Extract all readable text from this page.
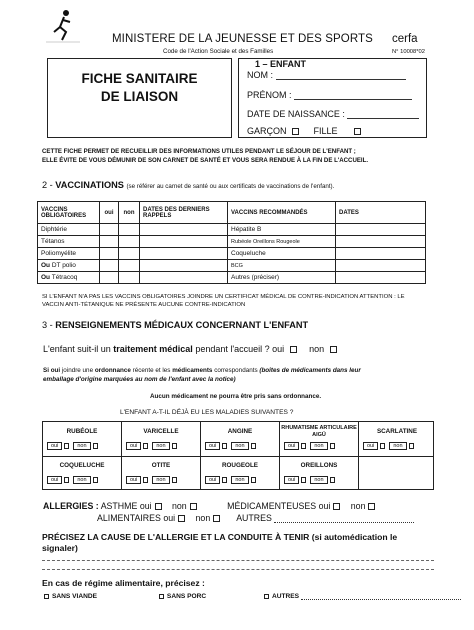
MINISTERE DE LA JEUNESSE ET DES SPORTS cerfa
Code de l'Action Sociale et des Familles	N° 10008*02
FICHE SANITAIRE
DE LIAISON
1 – ENFANT
NOM :
PRÉNOM :
DATE DE NAISSANCE :
GARÇON	FILLE
CETTE FICHE PERMET DE RECUEILLIR DES INFORMATIONS UTILES PENDANT LE SÉJOUR DE L'ENFANT ;
ELLE ÉVITE DE VOUS DÉMUNIR DE SON CARNET DE SANTÉ ET VOUS SERA RENDUE À LA FIN DE L'ACCUEIL.
2 - VACCINATIONS (se référer au carnet de santé ou aux certificats de vaccinations de l'enfant).
VACCINS OBLIGATOIRES	oui	non	DATES DES DERNIERS RAPPELS	VACCINS RECOMMANDÉS	DATES
Diphtérie				Hépatite B	
Tétanos				Rubéole Oreillons Rougeole	
Poliomyélite				Coqueluche	
Ou DT polio				BCG	
Ou Tétracoq				Autres (préciser)	
SI L'ENFANT N'A PAS LES VACCINS OBLIGATOIRES JOINDRE UN CERTIFICAT MÉDICAL DE CONTRE-INDICATION ATTENTION : LE
VACCIN ANTI-TÉTANIQUE NE PRÉSENTE AUCUNE CONTRE-INDICATION
3 - RENSEIGNEMENTS MÉDICAUX CONCERNANT L'ENFANT
L'enfant suit-il un traitement médical pendant l'accueil ? oui	non
Si oui joindre une ordonnance récente et les médicaments correspondants (boîtes de médicaments dans leur
emballage d'origine marquées au nom de l'enfant avec la notice)
Aucun médicament ne pourra être pris sans ordonnance.
L'ENFANT A-T-IL DÉJÀ EU LES MALADIES SUIVANTES ?
RUBÉOLE	VARICELLE	ANGINE	RHUMATISME ARTICULAIRE AIGÜ	SCARLATINE
oui	non	oui	non	oui	non	oui	non	oui	non
COQUELUCHE	OTITE	ROUGEOLE	OREILLONS
oui	non	oui	non	oui	non	oui	non
ALLERGIES : ASTHME oui non	MÉDICAMENTEUSES oui non
ALIMENTAIRES oui non	AUTRES
PRÉCISEZ LA CAUSE DE L'ALLERGIE ET LA CONDUITE À TENIR (si automédication le
signaler)
En cas de régime alimentaire, précisez :
SANS VIANDE	SANS PORC	AUTRES
